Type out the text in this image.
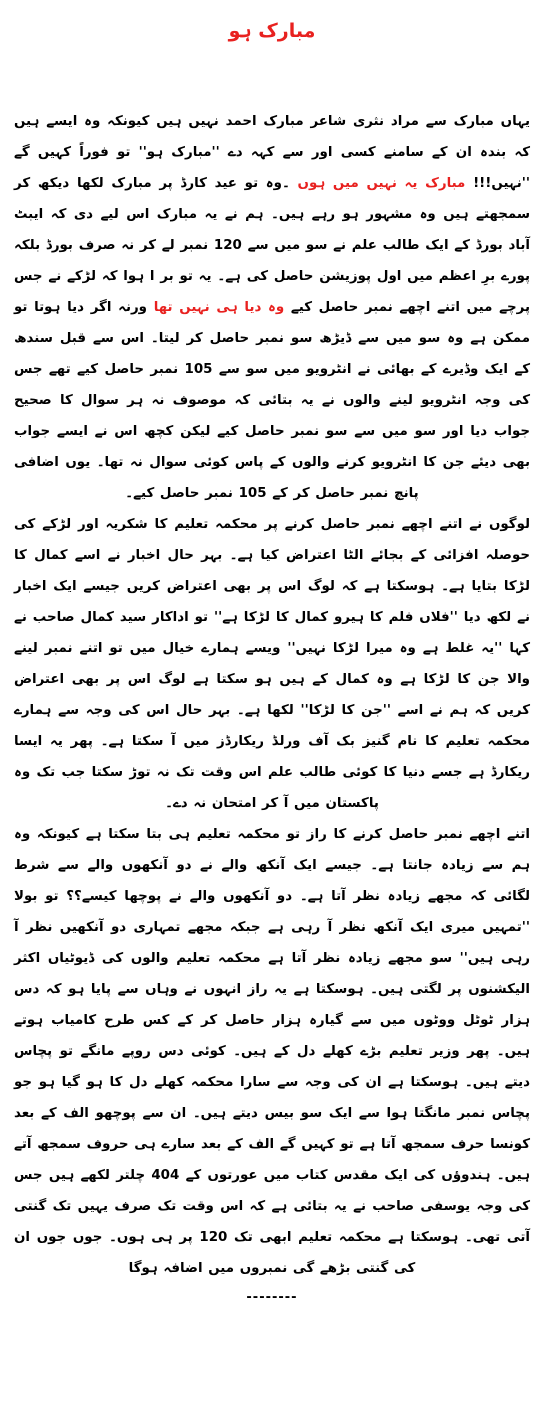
مبارک ہو

یہاں مبارک سے مراد نثری شاعر مبارک احمد نہیں ہیں کیونکہ وہ ایسے ہیں کہ بندہ ان کے سامنے کسی اور سے کہہ دے ''مبارک ہو'' تو فوراً کہیں گے ''نہیں!!! مبارک یہ نہیں میں ہوں ۔وہ تو عید کارڈ پر مبارک لکھا دیکھ کر سمجھتے ہیں وہ مشہور ہو رہے ہیں۔ ہم نے یہ مبارک اس لیے دی کہ ایبٹ آباد بورڈ کے ایک طالب علم نے سو میں سے 120 نمبر لے کر نہ صرف بورڈ بلکہ پورے برِ اعظم میں اول پوزیشن حاصل کی ہے۔ یہ تو بر ا ہوا کہ لڑکے نے جس پرچے میں اتنے اچھے نمبر حاصل کیے وہ دیا ہی نہیں تھا ورنہ اگر دیا ہوتا تو ممکن ہے وہ سو میں سے ڈیڑھ سو نمبر حاصل کر لیتا۔ اس سے قبل سندھ کے ایک وڈیرے کے بھائی نے انٹرویو میں سو سے 105 نمبر حاصل کیے تھے جس کی وجہ انٹرویو لینے والوں نے یہ بتائی کہ موصوف نہ ہر سوال کا صحیح جواب دیا اور سو میں سے سو نمبر حاصل کیے لیکن کچھ اس نے ایسے جواب بھی دیئے جن کا انٹرویو کرنے والوں کے پاس کوئی سوال نہ تھا۔ یوں اضافی پانچ نمبر حاصل کر کے 105 نمبر حاصل کیے۔

لوگوں نے اتنے اچھے نمبر حاصل کرنے پر محکمہ تعلیم کا شکریہ اور لڑکے کی حوصلہ افزائی کے بجائے الٹا اعتراض کیا ہے۔ بہر حال اخبار نے اسے کمال کا لڑکا بتایا ہے۔ ہوسکتا ہے کہ لوگ اس پر بھی اعتراض کریں جیسے ایک اخبار نے لکھ دیا ''فلاں فلم کا ہیرو کمال کا لڑکا ہے'' تو اداکار سید کمال صاحب نے کہا ''یہ غلط ہے وہ میرا لڑکا نہیں'' ویسے ہمارے خیال میں تو اتنے نمبر لینے والا جن کا لڑکا ہے وہ کمال کے ہیں ہو سکتا ہے لوگ اس پر بھی اعتراض کریں کہ ہم نے اسے ''جن کا لڑکا'' لکھا ہے۔ بہر حال اس کی وجہ سے ہمارے محکمہ تعلیم کا نام گنیز بک آف ورلڈ ریکارڈز میں آ سکتا ہے۔ پھر یہ ایسا ریکارڈ ہے جسے دنیا کا کوئی طالب علم اس وقت تک نہ توڑ سکتا جب تک وہ پاکستان میں آ کر امتحان نہ دے۔

اتنے اچھے نمبر حاصل کرنے کا راز تو محکمہ تعلیم ہی بتا سکتا ہے کیونکہ وہ ہم سے زیادہ جانتا ہے۔ جیسے ایک آنکھ والے نے دو آنکھوں والے سے شرط لگائی کہ مجھے زیادہ نظر آتا ہے۔ دو آنکھوں والے نے پوچھا کیسے؟؟ تو بولا ''تمہیں میری ایک آنکھ نظر آ رہی ہے جبکہ مجھے تمہاری دو آنکھیں نظر آ رہی ہیں'' سو مجھے زیادہ نظر آتا ہے محکمہ تعلیم والوں کی ڈیوٹیاں اکثر الیکشنوں پر لگتی ہیں۔ ہوسکتا ہے یہ راز انہوں نے وہاں سے پایا ہو کہ دس ہزار ٹوٹل ووٹوں میں سے گیارہ ہزار حاصل کر کے کس طرح کامیاب ہوتے ہیں۔ پھر وزیر تعلیم بڑے کھلے دل کے ہیں۔ کوئی دس روپے مانگے تو پچاس دیتے ہیں۔ ہوسکتا ہے ان کی وجہ سے سارا محکمہ کھلے دل کا ہو گیا ہو جو پچاس نمبر مانگتا ہوا سے ایک سو بیس دیتے ہیں۔ ان سے پوچھو الف کے بعد کونسا حرف سمجھ آتا ہے تو کہیں گے الف کے بعد سارے ہی حروف سمجھ آتے ہیں۔ ہندوؤں کی ایک مقدس کتاب میں عورتوں کے 404 چلتر لکھے ہیں جس کی وجہ یوسفی صاحب نے یہ بتائی ہے کہ اس وقت تک صرف یہیں تک گنتی آتی تھی۔ ہوسکتا ہے محکمہ تعلیم ابھی تک 120 پر ہی ہوں۔ جوں جوں ان کی گنتی بڑھے گی نمبروں میں اضافہ ہوگا

--------
